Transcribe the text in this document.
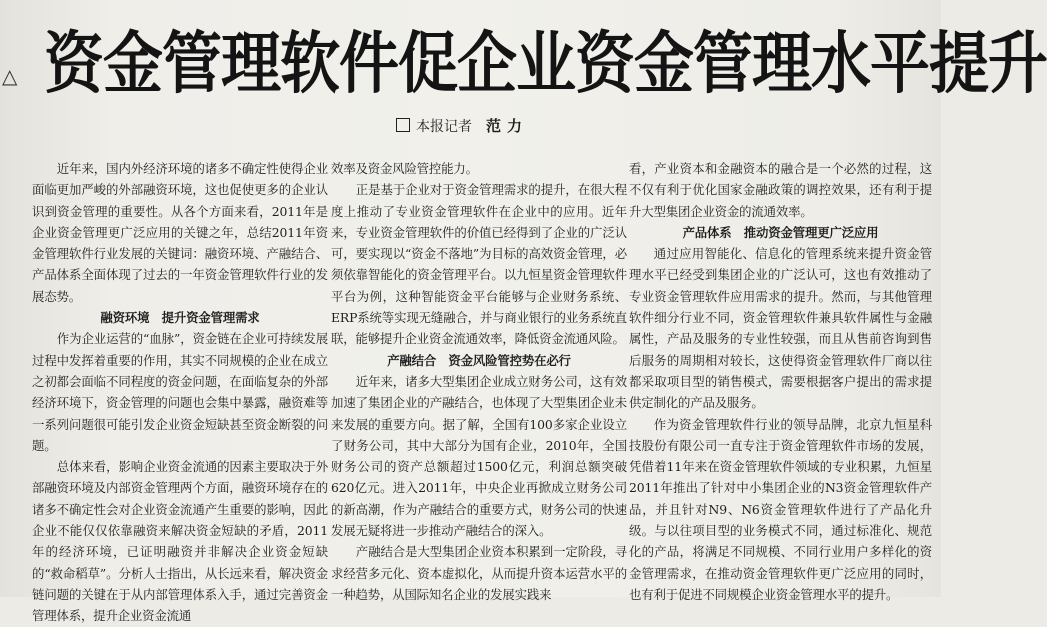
△ 资金管理软件促企业资金管理水平提升
本报记者 范力

近年来，国内外经济环境的诸多不确定性使得企业面临更加严峻的外部融资环境，这也促使更多的企业认识到资金管理的重要性。从各个方面来看，2011年是企业资金管理更广泛应用的关键之年，总结2011年资金管理软件行业发展的关键词：融资环境、产融结合、产品体系全面体现了过去的一年资金管理软件行业的发展态势。

融资环境　提升资金管理需求

作为企业运营的“血脉”，资金链在企业可持续发展过程中发挥着重要的作用，其实不同规模的企业在成立之初都会面临不同程度的资金问题，在面临复杂的外部经济环境下，资金管理的问题也会集中暴露，融资难等一系列问题很可能引发企业资金短缺甚至资金断裂的问题。

总体来看，影响企业资金流通的因素主要取决于外部融资环境及内部资金管理两个方面，融资环境存在的诸多不确定性会对企业资金流通产生重要的影响，因此企业不能仅仅依靠融资来解决资金短缺的矛盾，2011年的经济环境，已证明融资并非解决企业资金短缺的“救命稻草”。分析人士指出，从长远来看，解决资金链问题的关键在于从内部管理体系入手，通过完善资金管理体系，提升企业资金流通

效率及资金风险管控能力。

正是基于企业对于资金管理需求的提升，在很大程度上推动了专业资金管理软件在企业中的应用。近年来，专业资金管理软件的价值已经得到了企业的广泛认可，要实现以“资金不落地”为目标的高效资金管理，必须依靠智能化的资金管理平台。以九恒星资金管理软件平台为例，这种智能资金平台能够与企业财务系统、ERP系统等实现无缝融合，并与商业银行的业务系统直联，能够提升企业资金流通效率，降低资金流通风险。

产融结合　资金风险管控势在必行

近年来，诸多大型集团企业成立财务公司，这有效加速了集团企业的产融结合，也体现了大型集团企业未来发展的重要方向。据了解，全国有100多家企业设立了财务公司，其中大部分为国有企业，2010年，全国财务公司的资产总额超过1500亿元，利润总额突破620亿元。进入2011年，中央企业再掀成立财务公司的新高潮，作为产融结合的重要方式，财务公司的快速发展无疑将进一步推动产融结合的深入。

产融结合是大型集团企业资本积累到一定阶段，寻求经营多元化、资本虚拟化，从而提升资本运营水平的一种趋势，从国际知名企业的发展实践来

看，产业资本和金融资本的融合是一个必然的过程，这不仅有利于优化国家金融政策的调控效果，还有利于提升大型集团企业资金的流通效率。

产品体系　推动资金管理更广泛应用

通过应用智能化、信息化的管理系统来提升资金管理水平已经受到集团企业的广泛认可，这也有效推动了专业资金管理软件应用需求的提升。然而，与其他管理软件细分行业不同，资金管理软件兼具软件属性与金融属性，产品及服务的专业性较强，而且从售前咨询到售后服务的周期相对较长，这使得资金管理软件厂商以往都采取项目型的销售模式，需要根据客户提出的需求提供定制化的产品及服务。

作为资金管理软件行业的领导品牌，北京九恒星科技股份有限公司一直专注于资金管理软件市场的发展，凭借着11年来在资金管理软件领域的专业积累，九恒星2011年推出了针对中小集团企业的N3资金管理软件产品，并且针对N9、N6资金管理软件进行了产品化升级。与以往项目型的业务模式不同，通过标准化、规范化的产品，将满足不同规模、不同行业用户多样化的资金管理需求，在推动资金管理软件更广泛应用的同时，也有利于促进不同规模企业资金管理水平的提升。
